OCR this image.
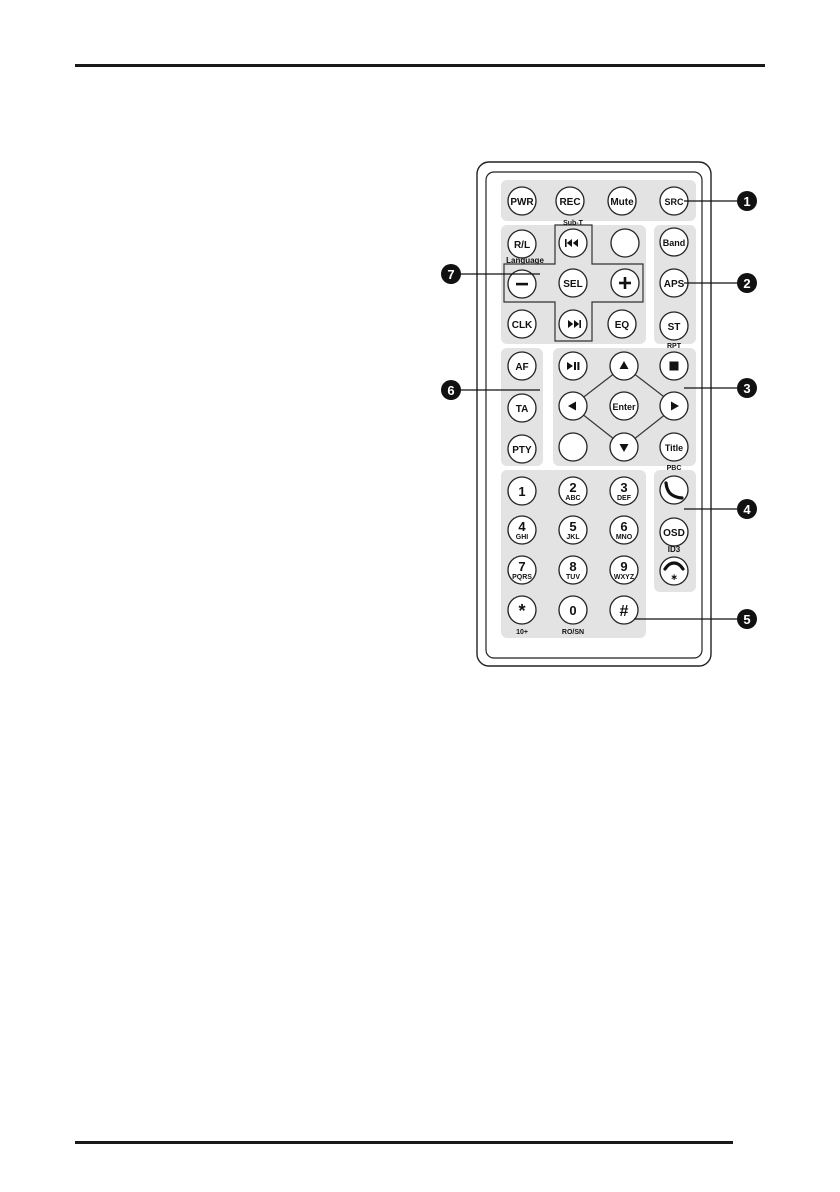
PWR	REC	Mute	SRC
Sub-T
R/L
Language
SEL
CLK	EQ
Band
APS
ST
AF
TA
PTY
RPT
Enter
Title
PBC
OSD
ID3
∗
1	2
ABC
3
DEF
4
GHI
5
JKL
6
MNO
7
PQRS
8
TUV
9
WXYZ
*
10+
0
RO/SN
#
1
2
3
4
5
6
7
